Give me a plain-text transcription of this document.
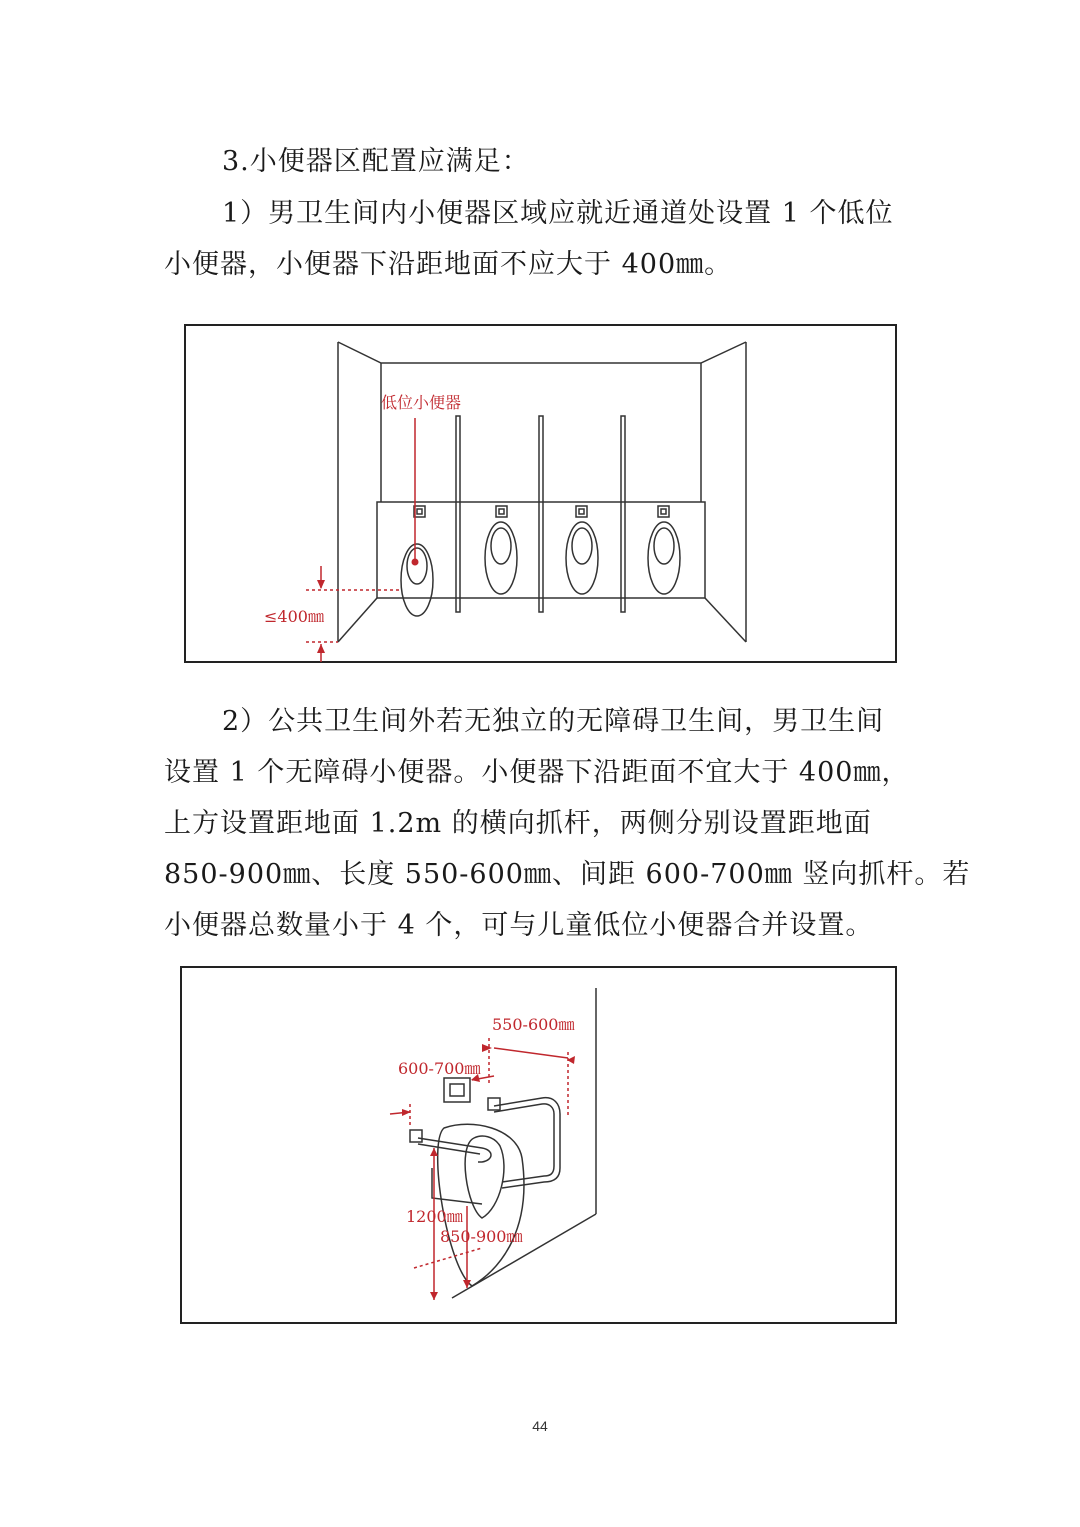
3.小便器区配置应满足：
1）男卫生间内小便器区域应就近通道处设置 1 个低位
小便器，小便器下沿距地面不应大于 400㎜。
低位小便器
≤400㎜
2）公共卫生间外若无独立的无障碍卫生间，男卫生间
设置 1 个无障碍小便器。小便器下沿距面不宜大于 400㎜，
上方设置距地面 1.2m 的横向抓杆，两侧分别设置距地面
850-900㎜、长度 550-600㎜、间距 600-700㎜ 竖向抓杆。若
小便器总数量小于 4 个，可与儿童低位小便器合并设置。
550-600㎜
600-700㎜
1200㎜
850-900㎜
44
